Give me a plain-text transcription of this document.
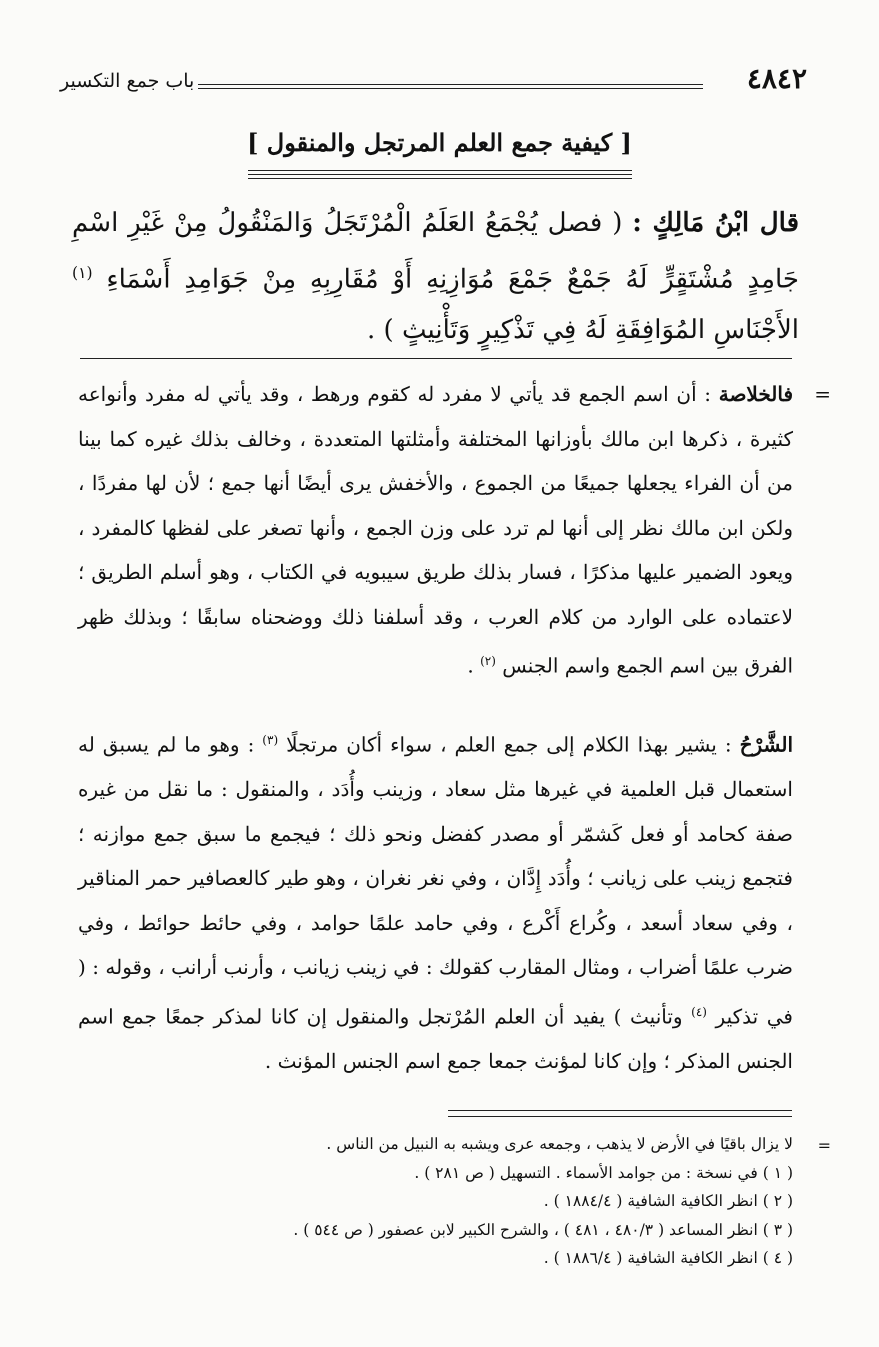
٤٨٤٢
باب جمع التكسير
[ كيفية جمع العلم المرتجل والمنقول ]
قال ابْنُ مَالِكٍ : ( فصل يُجْمَعُ العَلَمُ الْمُرْتَجَلُ وَالمَنْقُولُ مِنْ غَيْرِ اسْمِ جَامِدٍ مُشْتَقٍرٍّ لَهُ جَمْعٌ جَمْعَ مُوَازِنِهِ أَوْ مُقَارِبِهِ مِنْ جَوَامِدِ أَسْمَاءِ $^{(١)}$ الأَجْنَاسِ المُوَافِقَةِ لَهُ فِي تَذْكِيرٍ وَتَأْنِيثٍ ) .
=
فالخلاصة : أن اسم الجمع قد يأتي لا مفرد له كقوم ورهط ، وقد يأتي له مفرد وأنواعه كثيرة ، ذكرها ابن مالك بأوزانها المختلفة وأمثلتها المتعددة ، وخالف بذلك غيره كما بينا من أن الفراء يجعلها جميعًا من الجموع ، والأخفش يرى أيضًا أنها جمع ؛ لأن لها مفردًا ، ولكن ابن مالك نظر إلى أنها لم ترد على وزن الجمع ، وأنها تصغر على لفظها كالمفرد ، ويعود الضمير عليها مذكرًا ، فسار بذلك طريق سيبويه في الكتاب ، وهو أسلم الطريق ؛ لاعتماده على الوارد من كلام العرب ، وقد أسلفنا ذلك ووضحناه سابقًا ؛ وبذلك ظهر الفرق بين اسم الجمع واسم الجنس $^{(٢)}$ .
الشَّرْحُ : يشير بهذا الكلام إلى جمع العلم ، سواء أكان مرتجلًا $^{(٣)}$ : وهو ما لم يسبق له استعمال قبل العلمية في غيرها مثل سعاد ، وزينب وأُدَد ، والمنقول : ما نقل من غيره صفة كحامد أو فعل كَشمّر أو مصدر كفضل ونحو ذلك ؛ فيجمع ما سبق جمع موازنه ؛ فتجمع زينب على زيانب ؛ وأُدَد إِدَّان ، وفي نغر نغران ، وهو طير كالعصافير حمر المناقير ، وفي سعاد أسعد ، وكُراع أَكْرع ، وفي حامد علمًا حوامد ، وفي حائط حوائط ، وفي ضرب علمًا أضراب ، ومثال المقارب كقولك : في زينب زيانب ، وأرنب أرانب ، وقوله : ( في تذكير $^{(٤)}$ وتأنيث ) يفيد أن العلم المُرْتجل والمنقول إن كانا لمذكر جمعًا جمع اسم الجنس المذكر ؛ وإن كانا لمؤنث جمعا جمع اسم الجنس المؤنث .
=

لا يزال باقيًا في الأرض لا يذهب ، وجمعه عرى ويشبه به النبيل من الناس .

( ١ ) في نسخة : من جوامد الأسماء . التسهيل ( ص ٢٨١ ) .

( ٢ ) انظر الكافية الشافية ( ١٨٨٤/٤ ) .

( ٣ ) انظر المساعد ( ٤٨٠/٣ ، ٤٨١ ) ، والشرح الكبير لابن عصفور ( ص ٥٤٤ ) .

( ٤ ) انظر الكافية الشافية ( ١٨٨٦/٤ ) .
